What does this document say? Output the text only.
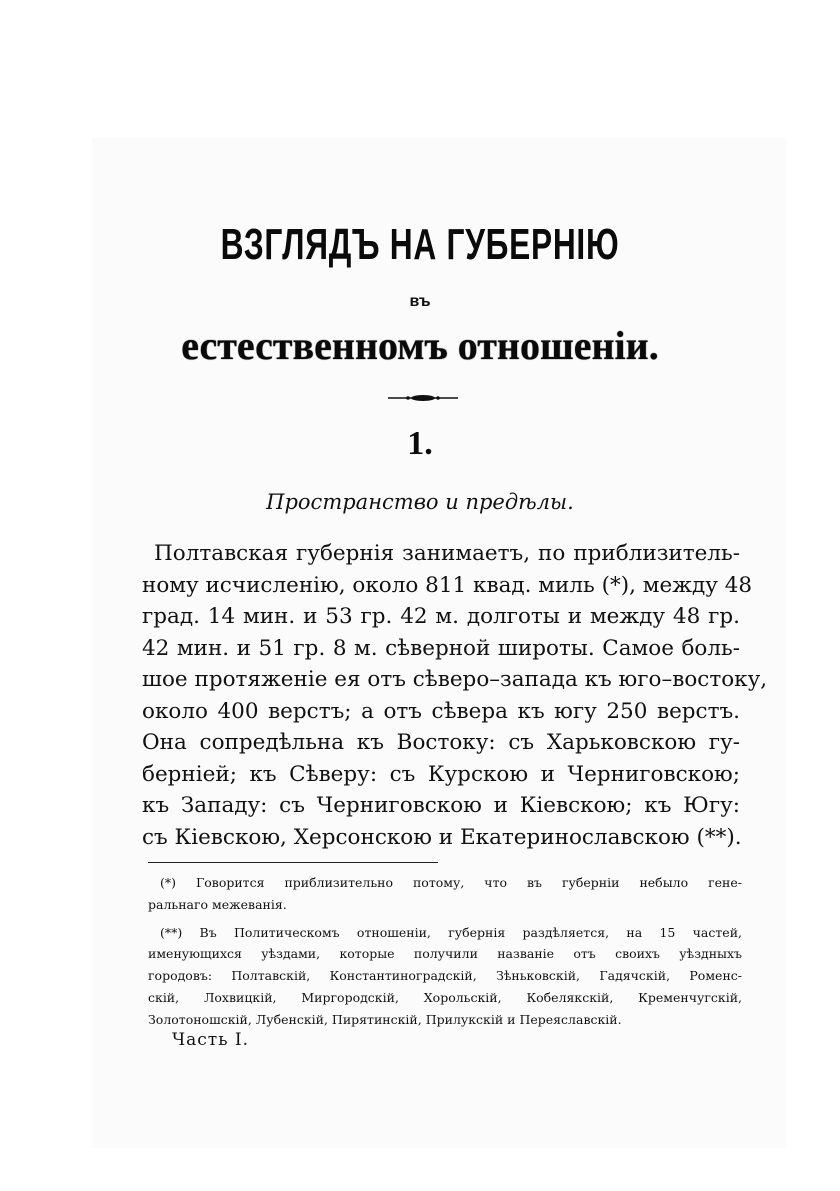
ВЗГЛЯДЪ НА ГУБЕРНІЮ
въ
естественномъ отношеніи.
1.
Пространство и предѣлы.
Полтавская губернія занимаетъ, по приблизитель-
ному исчисленію, около 811 квад. миль (*), между 48
град. 14 мин. и 53 гр. 42 м. долготы и между 48 гр.
42 мин. и 51 гр. 8 м. сѣверной широты. Самое боль-
шое протяженіе ея отъ сѣверо–запада къ юго–востоку,
около 400 верстъ; а отъ сѣвера къ югу 250 верстъ.
Она сопредѣльна къ Востоку: съ Харьковскою гу-
берніей; къ Сѣверу: съ Курскою и Черниговскою;
къ Западу: съ Черниговскою и Кіевскою; къ Югу:
съ Кіевскою, Херсонскою и Екатеринославскою (**).
(*) Говорится приблизительно потому, что въ губерніи небыло гене-
ральнаго межеванія.
(**) Въ Политическомъ отношеніи, губернія раздѣляется, на 15 частей,
именующихся уѣздами, которые получили названіе отъ своихъ уѣздныхъ
городовъ: Полтавскій, Константиноградскій, Зѣньковскій, Гадячскій, Роменс-
скій, Лохвицкій, Миргородскій, Хорольскій, Кобелякскій, Кременчугскій,
Золотоношскій, Лубенскій, Пирятинскій, Прилукскій и Переяславскій.
Часть I.
